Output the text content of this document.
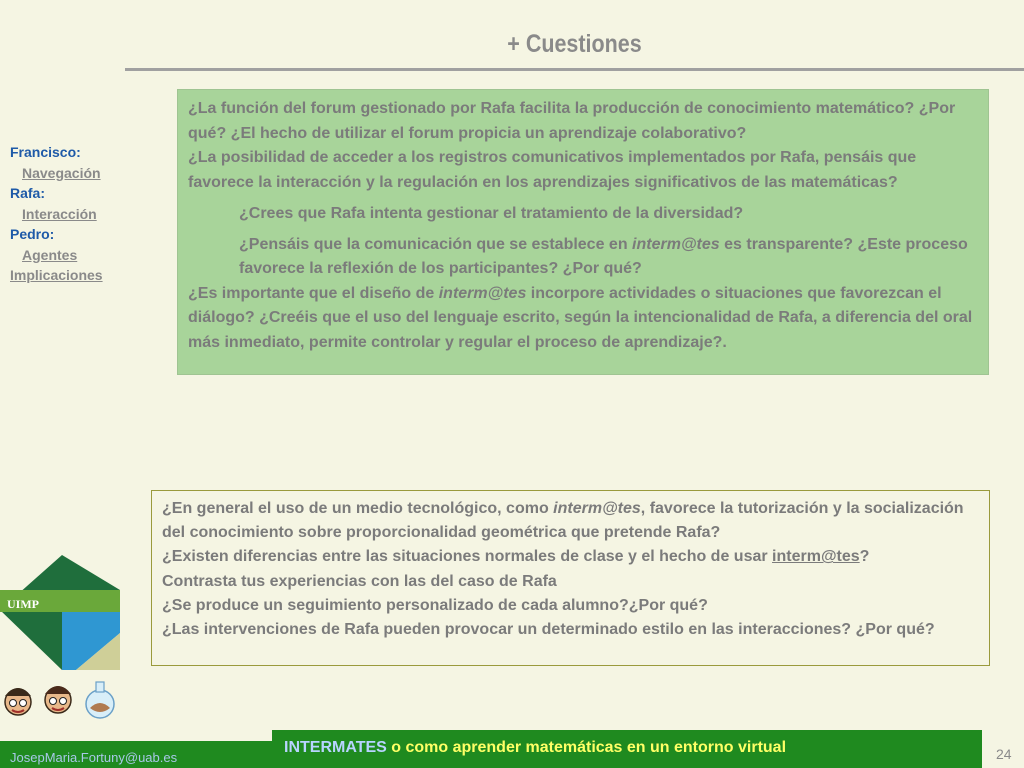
+ Cuestiones
Francisco:
Navegación
Rafa:
Interacción
Pedro:
Agentes
Implicaciones

¿La función del forum gestionado por Rafa facilita la producción de conocimiento matemático? ¿Por qué? ¿El hecho de utilizar el forum propicia un aprendizaje colaborativo?

¿La posibilidad de acceder a los registros comunicativos implementados por Rafa, pensáis que favorece la interacción y la regulación en los aprendizajes significativos de las matemáticas?

¿Crees que Rafa intenta gestionar el tratamiento de la diversidad?

¿Pensáis que la comunicación que se establece en interm@tes es transparente? ¿Este proceso favorece la reflexión de los participantes? ¿Por qué?

¿Es importante que el diseño de interm@tes incorpore actividades o situaciones que favorezcan el diálogo? ¿Creéis que el uso del lenguaje escrito, según la intencionalidad de Rafa, a diferencia del oral más inmediato, permite controlar y regular el proceso de aprendizaje?.

¿En general el uso de un medio tecnológico, como interm@tes, favorece la tutorización y la socialización del conocimiento sobre proporcionalidad geométrica que pretende Rafa?

¿Existen diferencias entre las situaciones normales de clase y el hecho de usar interm@tes?

Contrasta tus experiencias con las del caso de Rafa

¿Se produce un seguimiento personalizado de cada alumno?¿Por qué?

¿Las intervenciones de Rafa pueden provocar un determinado estilo en las interacciones? ¿Por qué?

UIMP
JosepMaria.Fortuny@uab.es
INTERMATES o como aprender matemáticas en un entorno virtual	24
